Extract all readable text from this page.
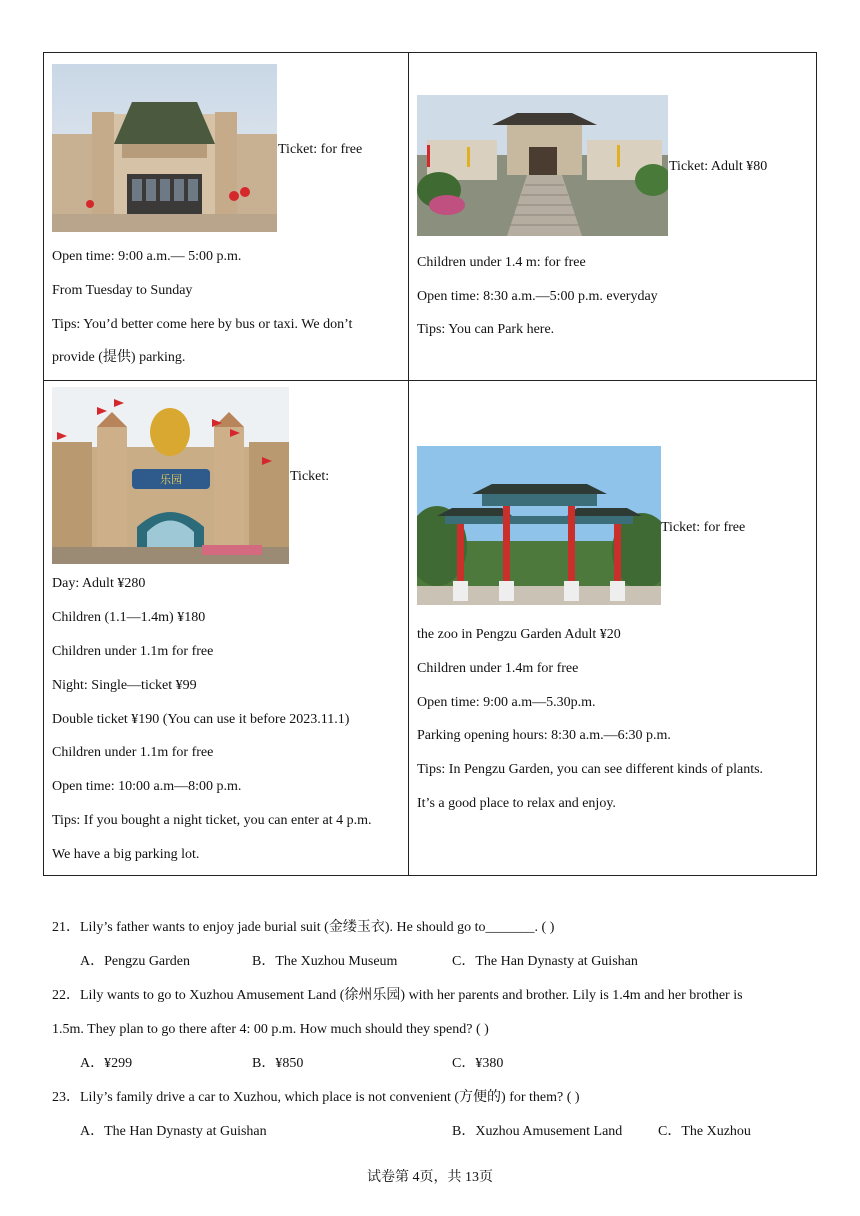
Ticket: for free
Open time: 9:00 a.m.— 5:00 p.m.
From Tuesday to Sunday
Tips: You’d better come here by bus or taxi. We don’t
provide (提供) parking.
Ticket: Adult ¥80
Children under 1.4 m: for free
Open time: 8:30 a.m.—5:00 p.m. everyday
Tips: You can Park here.
乐园	Ticket:
Day: Adult ¥280
Children (1.1—1.4m) ¥180
Children under 1.1m for free
Night: Single—ticket ¥99
Double ticket ¥190 (You can use it before 2023.11.1)
Children under 1.1m for free
Open time: 10:00 a.m—8:00 p.m.
Tips: If you bought a night ticket, you can enter at 4 p.m.
We have a big parking lot.
Ticket: for free
the zoo in Pengzu Garden Adult ¥20
Children under 1.4m for free
Open time: 9:00 a.m—5.30p.m.
Parking opening hours: 8:30 a.m.—6:30 p.m.
Tips: In Pengzu Garden, you can see different kinds of plants.
It’s a good place to relax and enjoy.
21．Lily’s father wants to enjoy jade burial suit (金缕玉衣). He should go to_______. ( )
A．Pengzu Garden	B．The Xuzhou Museum	C．The Han Dynasty at Guishan
22．Lily wants to go to Xuzhou Amusement Land (徐州乐园) with her parents and brother. Lily is 1.4m and her brother is
1.5m. They plan to go there after 4: 00 p.m. How much should they spend? ( )
A．¥299	B．¥850	C．¥380
23．Lily’s family drive a car to Xuzhou, which place is not convenient (方便的) for them? ( )
A．The Han Dynasty at Guishan	B．Xuzhou Amusement Land	C．The Xuzhou
试卷第 4页，共 13页
